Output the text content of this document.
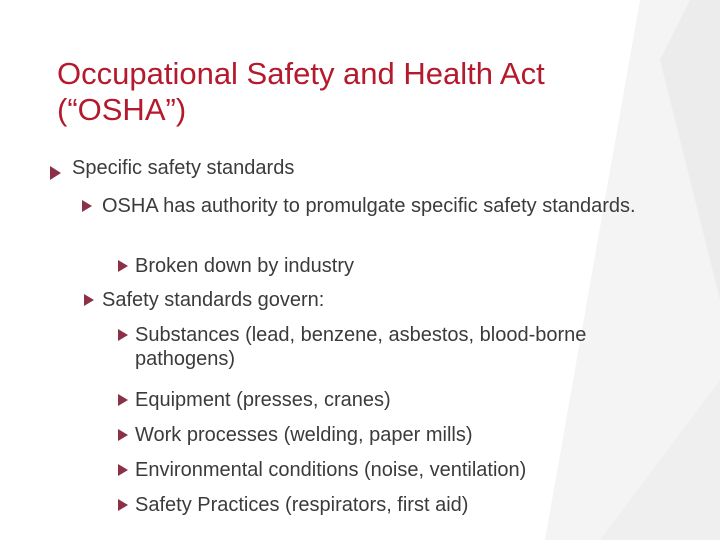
Occupational Safety and Health Act (“OSHA”)
Specific safety standards
OSHA has authority to promulgate specific safety standards.
Broken down by industry
Safety standards govern:
Substances (lead, benzene, asbestos, blood-borne pathogens)
Equipment (presses, cranes)
Work processes (welding, paper mills)
Environmental conditions (noise, ventilation)
Safety Practices (respirators, first aid)
